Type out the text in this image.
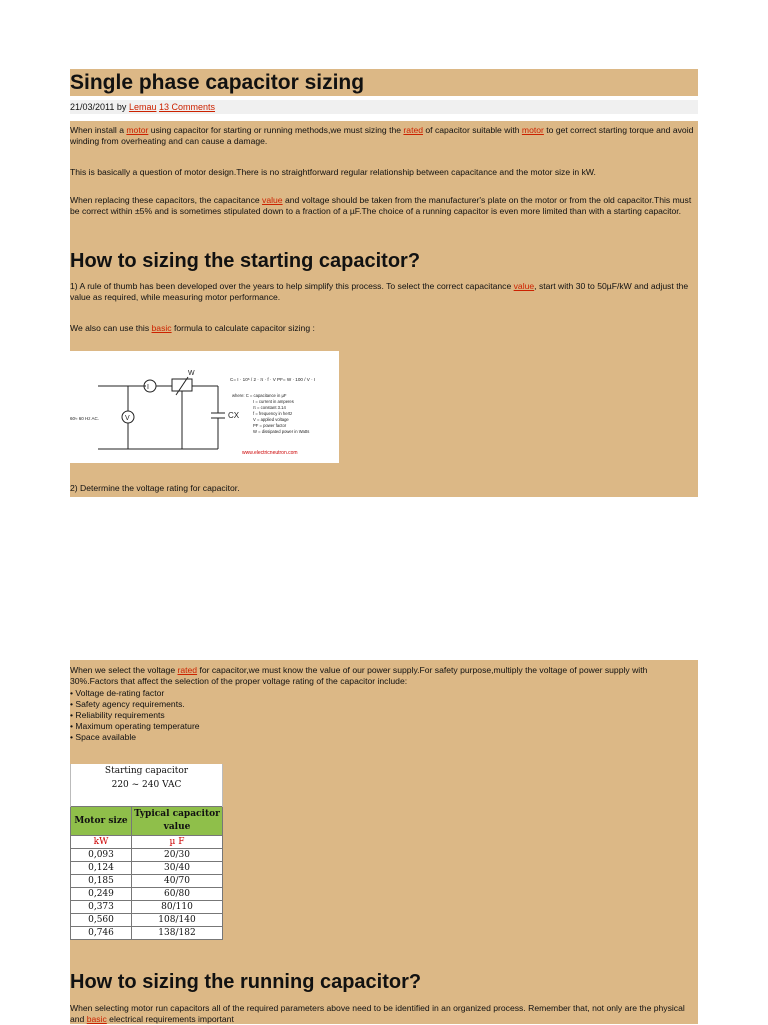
Single phase capacitor sizing
21/03/2011 by Lemau 13 Comments

When install a motor using capacitor for starting or running methods,we must sizing the rated of capacitor suitable with motor to get correct starting torque and avoid winding from overheating and can cause a damage.

This is basically a question of motor design.There is no straightforward regular relationship between capacitance and the motor size in kW.

When replacing these capacitors, the capacitance value and voltage should be taken from the manufacturer's plate on the motor or from the old capacitor.This must be correct within ±5% and is sometimes stipulated down to a fraction of a µF.The choice of a running capacitor is even more limited than with a starting capacitor.

How to sizing the starting capacitor?

1) A rule of thumb has been developed over the years to help simplify this process. To select the correct capacitance value, start with 30 to 50µF/kW and adjust the value as required, while measuring motor performance.

We also can use this basic formula to calculate capacitor sizing :

2) Determine the voltage rating for capacitor.

I
V
W
CX
60≈ 60 Hz AC.
C= I · 10⁶ / 2 · π · f · V PF= W · 100 / V · I
where: C = capacitance in µF
I = current in amperes
π = constant 3.14
f = frequency in hertz
V = applied voltage
PF = power factor
W = dissipated power in Watts
www.electricneutron.com

When we select the voltage rated for capacitor,we must know the value of our power supply.For safety purpose,multiply the voltage of power supply with 30%.Factors that affect the selection of the proper voltage rating of the capacitor include:

• Voltage de-rating factor
• Safety agency requirements.
• Reliability requirements
• Maximum operating temperature
• Space available
How to sizing the running capacitor?

When selecting motor run capacitors all of the required parameters above need to be identified in an organized process. Remember that, not only are the physical and basic electrical requirements important

Starting capacitor	
220 ~ 240 VAC	

Motor size	Typical capacitor value
kW	µ F
0,093	20/30
0,124	30/40
0,185	40/70
0,249	60/80
0,373	80/110
0,560	108/140
0,746	138/182
